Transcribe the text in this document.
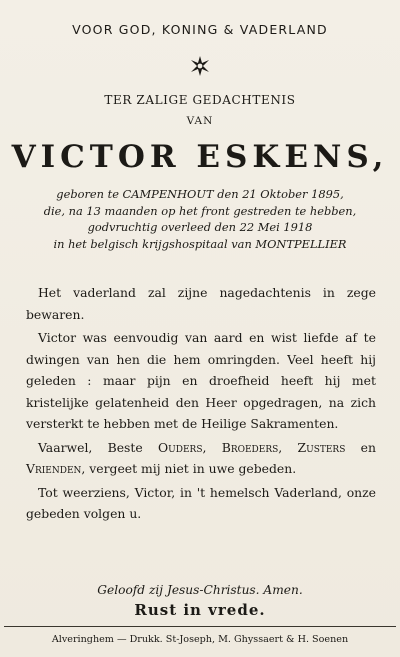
VOOR GOD, KONING & VADERLAND
TER ZALIGE GEDACHTENIS
VAN
VICTOR ESKENS,
geboren te CAMPENHOUT den 21 Oktober 1895,
die, na 13 maanden op het front gestreden te hebben,
godvruchtig overleed den 22 Mei 1918
in het belgisch krijgshospitaal van MONTPELLIER

Het vaderland zal zijne nagedachtenis in zege bewaren.

Victor was eenvoudig van aard en wist liefde af te dwingen van hen die hem omringden. Veel heeft hij geleden : maar pijn en droefheid heeft hij met kristelijke gelatenheid den Heer opgedragen, na zich versterkt te hebben met de Heilige Sakramenten.

Vaarwel, Beste Ouders, Broeders, Zusters en Vrienden, vergeet mij niet in uwe gebeden.

Tot weerziens, Victor, in 't hemelsch Vaderland, onze gebeden volgen u.

Geloofd zij Jesus-Christus. Amen.
Rust in vrede.
Alveringhem — Drukk. St-Joseph, M. Ghyssaert & H. Soenen
